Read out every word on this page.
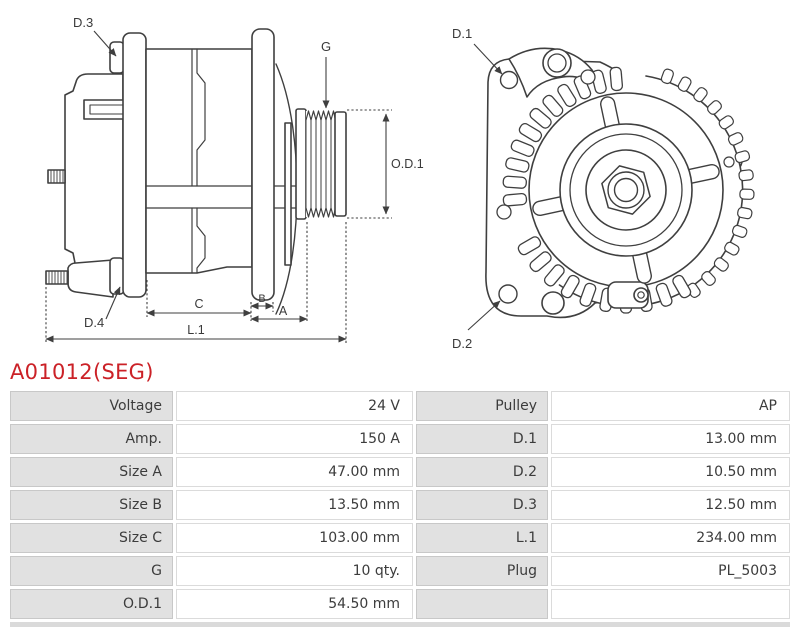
D.3
G
O.D.1
D.4
C	B
A
L.1
D.1
D.2
A01012(SEG)
Voltage	24 V	Pulley	AP
Amp.	150 A	D.1	13.00 mm
Size A	47.00 mm	D.2	10.50 mm
Size B	13.50 mm	D.3	12.50 mm
Size C	103.00 mm	L.1	234.00 mm
G	10 qty.	Plug	PL_5003
O.D.1	54.50 mm
